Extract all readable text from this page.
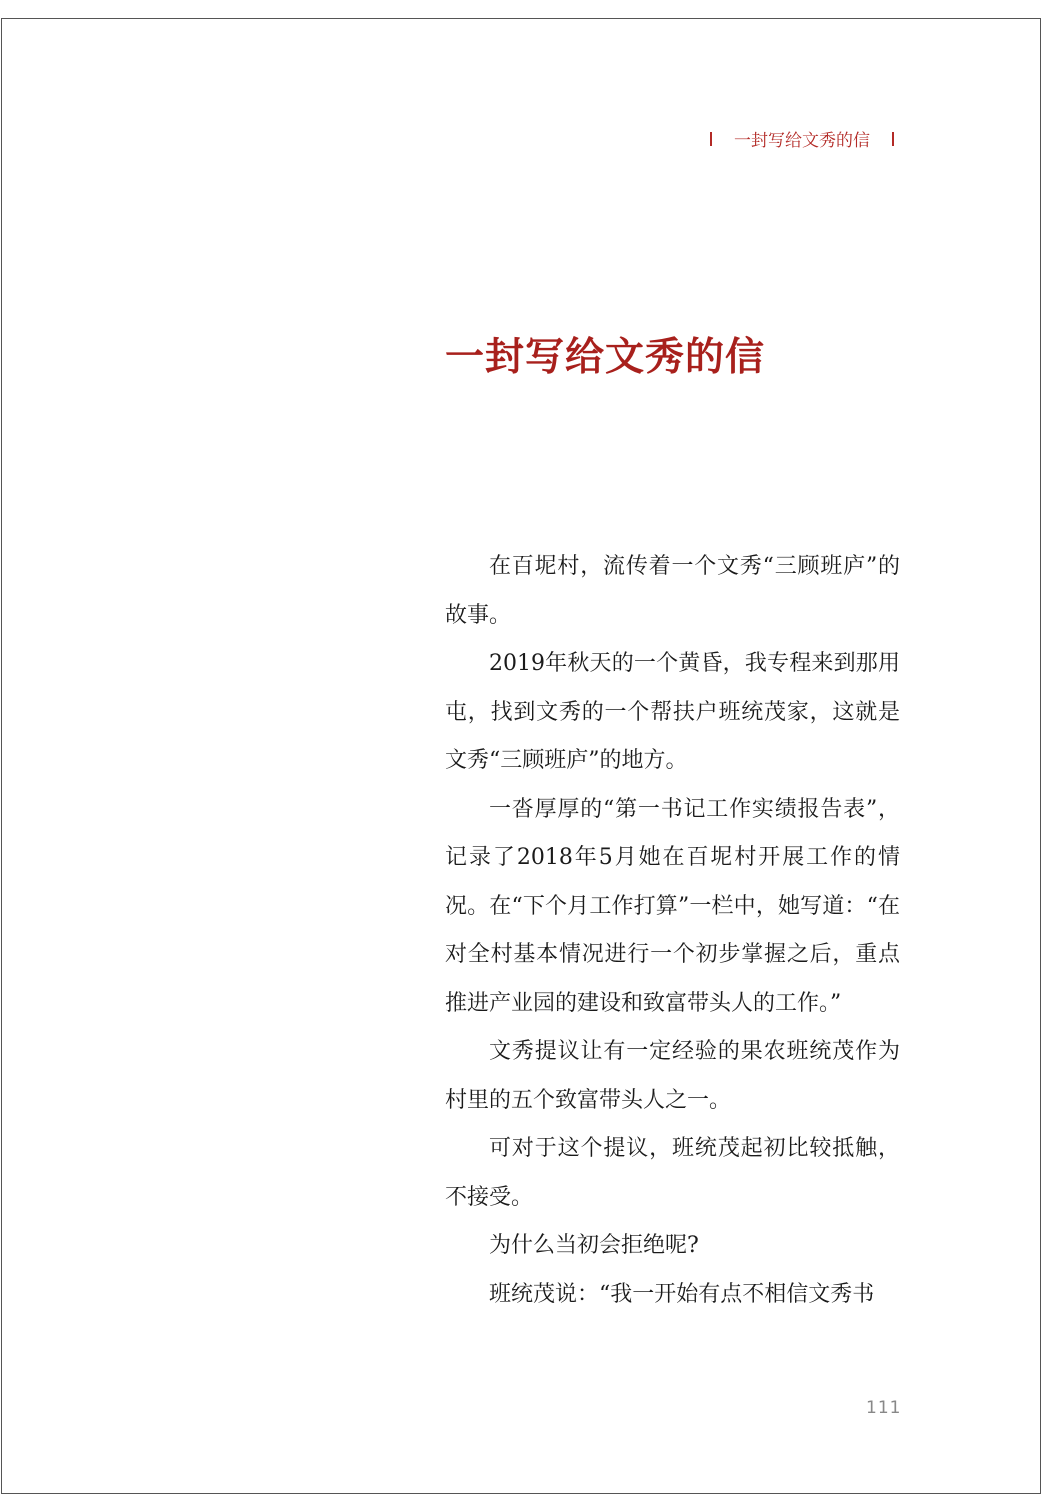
一封写给文秀的信
一封写给文秀的信

在百坭村，流传着一个文秀“三顾班庐”的故事。

2019年秋天的一个黄昏，我专程来到那用屯，找到文秀的一个帮扶户班统茂家，这就是文秀“三顾班庐”的地方。

一沓厚厚的“第一书记工作实绩报告表”，记录了2018年5月她在百坭村开展工作的情况。在“下个月工作打算”一栏中，她写道：“在对全村基本情况进行一个初步掌握之后，重点推进产业园的建设和致富带头人的工作。”

文秀提议让有一定经验的果农班统茂作为村里的五个致富带头人之一。

可对于这个提议，班统茂起初比较抵触，不接受。

为什么当初会拒绝呢?

班统茂说：“我一开始有点不相信文秀书

111
